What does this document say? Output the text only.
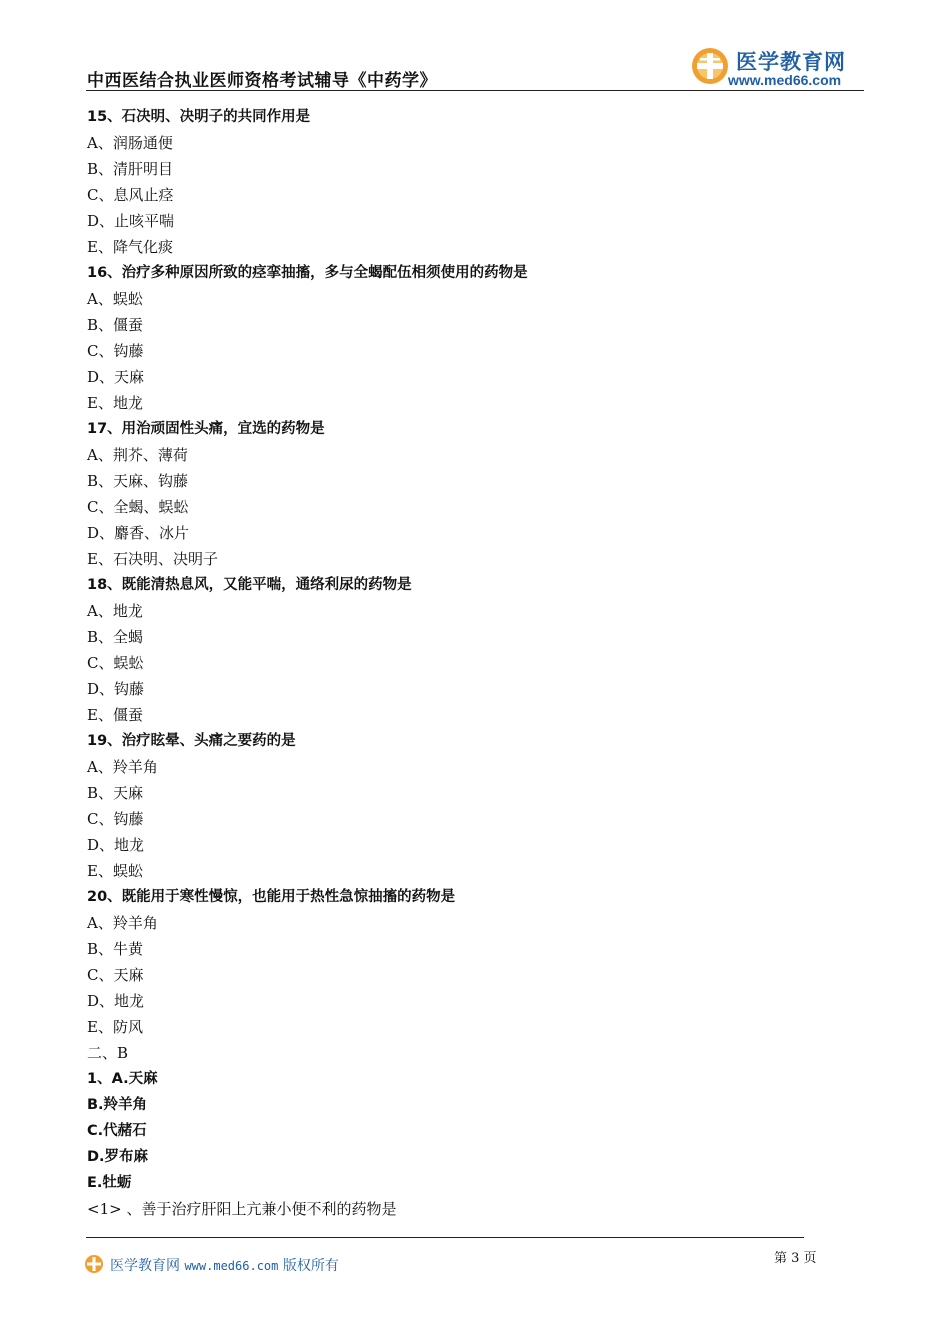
中西医结合执业医师资格考试辅导《中药学》
医学教育网
www.med66.com
15、石决明、决明子的共同作用是
A、润肠通便
B、清肝明目
C、息风止痉
D、止咳平喘
E、降气化痰
16、治疗多种原因所致的痉挛抽搐，多与全蝎配伍相须使用的药物是
A、蜈蚣
B、僵蚕
C、钩藤
D、天麻
E、地龙
17、用治顽固性头痛，宜选的药物是
A、荆芥、薄荷
B、天麻、钩藤
C、全蝎、蜈蚣
D、麝香、冰片
E、石决明、决明子
18、既能清热息风，又能平喘，通络利尿的药物是
A、地龙
B、全蝎
C、蜈蚣
D、钩藤
E、僵蚕
19、治疗眩晕、头痛之要药的是
A、羚羊角
B、天麻
C、钩藤
D、地龙
E、蜈蚣
20、既能用于寒性慢惊，也能用于热性急惊抽搐的药物是
A、羚羊角
B、牛黄
C、天麻
D、地龙
E、防风
二、B
1、A.天麻
B.羚羊角
C.代赭石
D.罗布麻
E.牡蛎
<1> 、善于治疗肝阳上亢兼小便不利的药物是
第 3 页
医学教育网 www.med66.com 版权所有
